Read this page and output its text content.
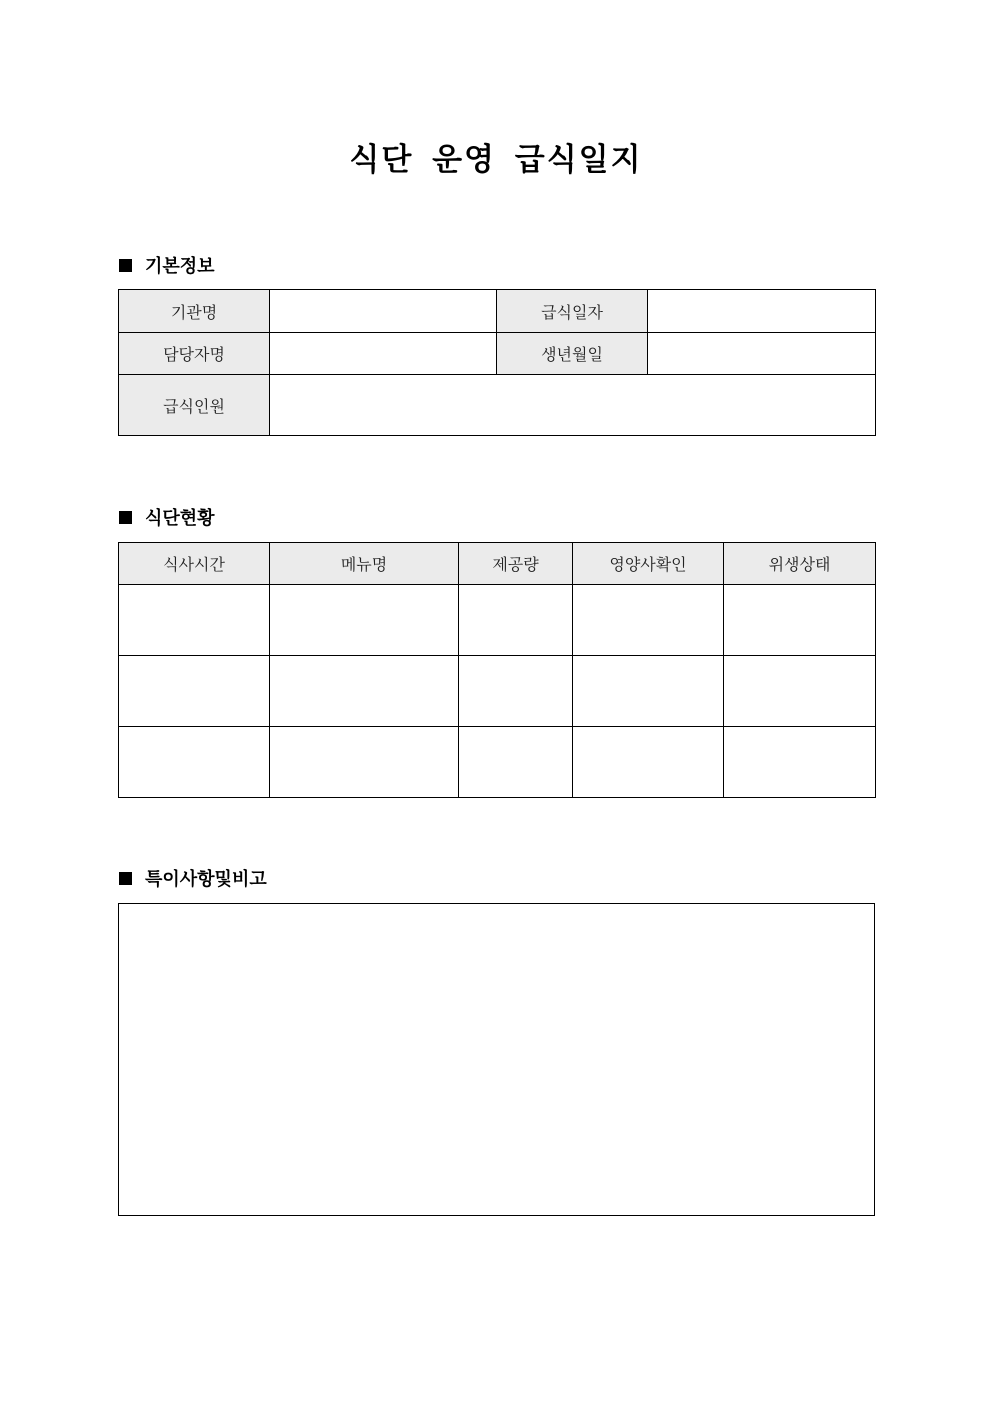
식단 운영 급식일지
기본정보
기관명		급식일자	
담당자명		생년월일	
급식인원			
식단현황
식사시간	메뉴명	제공량	영양사확인	위생상태

특이사항및비고
